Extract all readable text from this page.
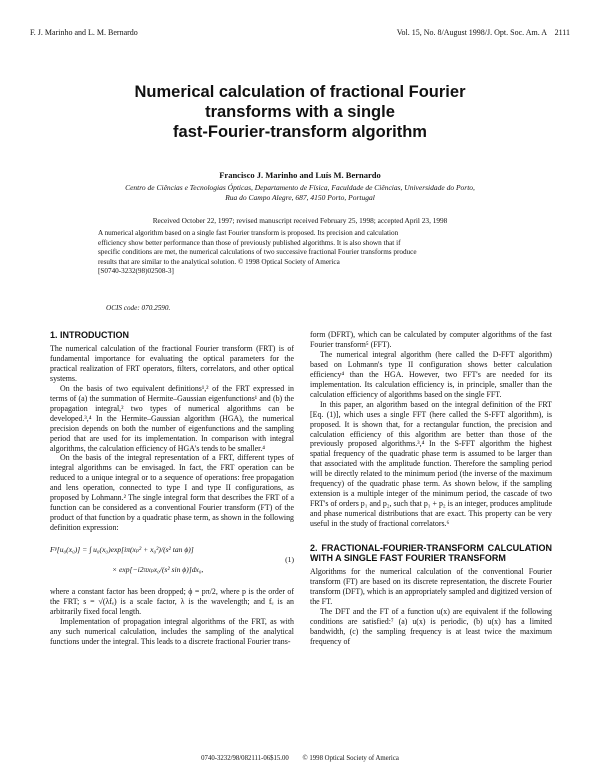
F. J. Marinho and L. M. Bernardo	Vol. 15, No. 8/August 1998/J. Opt. Soc. Am. A 2111
Numerical calculation of fractional Fourier
transforms with a single
fast-Fourier-transform algorithm
Francisco J. Marinho and Luís M. Bernardo
Centro de Ciências e Tecnologias Ópticas, Departamento de Física, Faculdade de Ciências, Universidade do Porto,
Rua do Campo Alegre, 687, 4150 Porto, Portugal
Received October 22, 1997; revised manuscript received February 25, 1998; accepted April 23, 1998
A numerical algorithm based on a single fast Fourier transform is proposed. Its precision and calculation
efficiency show better performance than those of previously published algorithms. It is also shown that if
specific conditions are met, the numerical calculations of two successive fractional Fourier transforms produce
results that are similar to the analytical solution. © 1998 Optical Society of America
[S0740-3232(98)02508-3]
OCIS code: 070.2590.
1. INTRODUCTION

The numerical calculation of the fractional Fourier transform (FRT) is of fundamental importance for evaluating the optical parameters for the practical realization of FRT operators, filters, correlators, and other optical systems.

On the basis of two equivalent definitions¹,² of the FRT expressed in terms of (a) the summation of Hermite–Gaussian eigenfunctions¹ and (b) the propagation integral,² two types of numerical algorithms can be developed.³,⁴ In the Hermite–Gaussian algorithm (HGA), the numerical precision depends on both the number of eigenfunctions and the sampling period that are used for its implementation. In comparison with integral algorithms, the calculation efficiency of HGA's tends to be smaller.⁴

On the basis of the integral representation of a FRT, different types of integral algorithms can be envisaged. In fact, the FRT operation can be reduced to a unique integral or to a sequence of operations: free propagation and lens operation, connected to type I and type II configurations, as proposed by Lohmann.² The single integral form that describes the FRT of a function can be considered as a conventional Fourier transform (FT) of the product of that function by a quadratic phase term, as shown in the following definition expression:

Fᵖ[u₀(x₀)] = ∫ u₀(x₀)exp[iπ(xₚ² + x₀²)/(s² tan ϕ)]
× exp[−i2πxₚx₀/(s² sin ϕ)]dx₀,
(1)

where a constant factor has been dropped; ϕ = pπ/2, where p is the order of the FRT; s = √(λfₑ) is a scale factor, λ is the wavelength; and fₑ is an arbitrarily fixed focal length.

Implementation of propagation integral algorithms of the FRT, as with any such numerical calculation, includes the sampling of the analytical functions under the integral. This leads to a discrete fractional Fourier trans-

form (DFRT), which can be calculated by computer algorithms of the fast Fourier transform⁵ (FFT).

The numerical integral algorithm (here called the D-FFT algorithm) based on Lohmann's type II configuration shows better calculation efficiency⁴ than the HGA. However, two FFT's are needed for its implementation. Its calculation efficiency is, in principle, smaller than the calculation efficiency of algorithms based on the single FFT.

In this paper, an algorithm based on the integral definition of the FRT [Eq. (1)], which uses a single FFT (here called the S-FFT algorithm), is proposed. It is shown that, for a rectangular function, the precision and calculation efficiency of this algorithm are better than those of the previously proposed algorithms.³,⁴ In the S-FFT algorithm the highest spatial frequency of the quadratic phase term is assumed to be larger than that associated with the amplitude function. Therefore the sampling period will be directly related to the minimum period (the inverse of the maximum frequency) of the quadratic phase term. As shown below, if the sampling extension is a multiple integer of the minimum period, the cascade of two FRT's of orders p₁ and p₂, such that p₁ + p₂ is an integer, produces amplitude and phase numerical distributions that are exact. This property can be very useful in the study of fractional correlators.⁶

2. FRACTIONAL-FOURIER-TRANSFORM CALCULATION WITH A SINGLE FAST FOURIER TRANSFORM

Algorithms for the numerical calculation of the conventional Fourier transform (FT) are based on its discrete representation, the discrete Fourier transform (DFT), which is an appropriately sampled and digitized version of the FT.

The DFT and the FT of a function u(x) are equivalent if the following conditions are satisfied:⁷ (a) u(x) is periodic, (b) u(x) has a limited bandwidth, (c) the sampling frequency is at least twice the maximum frequency of

0740-3232/98/082111-06$15.00 © 1998 Optical Society of America
